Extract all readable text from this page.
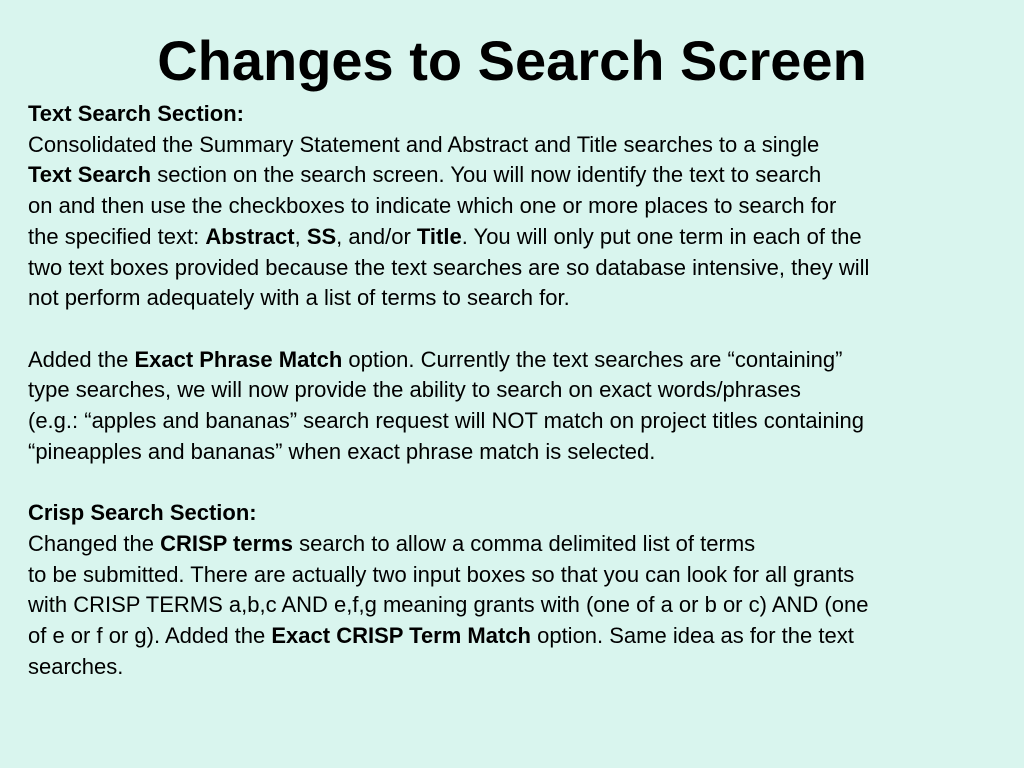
Changes to Search Screen
Text Search Section:
Consolidated the Summary Statement and Abstract and Title searches to a single
Text Search section on the search screen. You will now identify the text to search
on and then use the checkboxes to indicate which one or more places to search for
the specified text: Abstract, SS, and/or Title. You will only put one term in each of the
two text boxes provided because the text searches are so database intensive, they will
not perform adequately with a list of terms to search for.
Added the Exact Phrase Match option. Currently the text searches are “containing”
type searches, we will now provide the ability to search on exact words/phrases
(e.g.: “apples and bananas” search request will NOT match on project titles containing
“pineapples and bananas” when exact phrase match is selected.
Crisp Search Section:
Changed the CRISP terms search to allow a comma delimited list of terms
to be submitted. There are actually two input boxes so that you can look for all grants
with CRISP TERMS a,b,c AND e,f,g meaning grants with (one of a or b or c) AND (one
of e or f or g). Added the Exact CRISP Term Match option. Same idea as for the text
searches.
